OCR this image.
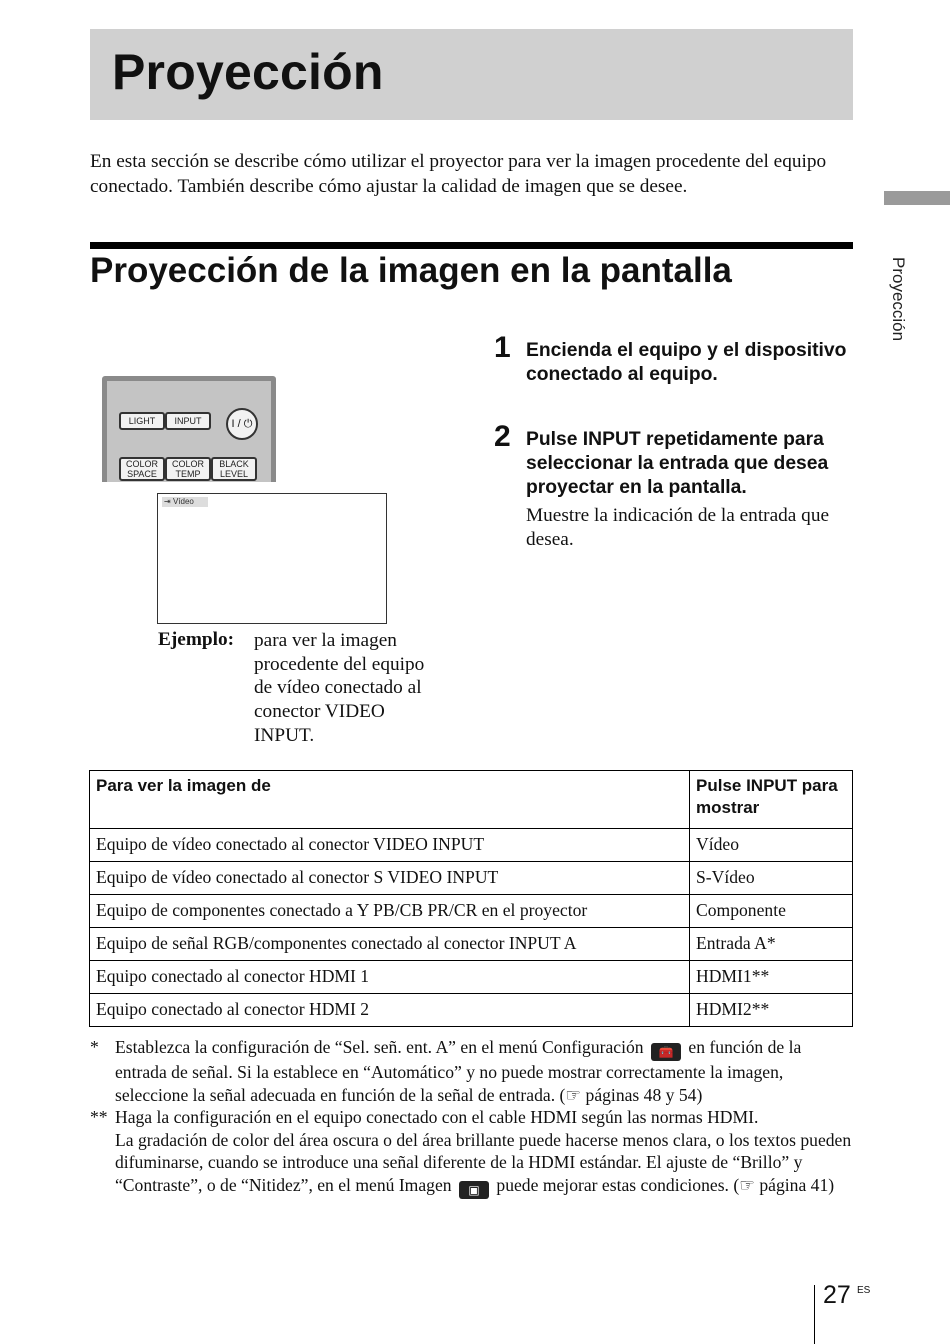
Proyección

En esta sección se describe cómo utilizar el proyector para ver la imagen procedente del equipo conectado. También describe cómo ajustar la calidad de imagen que se desee.

Proyección
Proyección de la imagen en la pantalla
LIGHT	INPUT	I / ⏻
COLOR SPACE
COLOR TEMP
BLACK LEVEL
⇥ Vídeo
Ejemplo: para ver la imagen procedente del equipo de vídeo conectado al conector VIDEO INPUT.
1 Encienda el equipo y el dispositivo conectado al equipo.
2 Pulse INPUT repetidamente para seleccionar la entrada que desea proyectar en la pantalla.
Muestre la indicación de la entrada que desea.
Para ver la imagen de	Pulse INPUT para mostrar
Equipo de vídeo conectado al conector VIDEO INPUT	Vídeo
Equipo de vídeo conectado al conector S VIDEO INPUT	S-Vídeo
Equipo de componentes conectado a Y PB/CB PR/CR en el proyector	Componente
Equipo de señal RGB/componentes conectado al conector INPUT A	Entrada A*
Equipo conectado al conector HDMI 1	HDMI1**
Equipo conectado al conector HDMI 2	HDMI2**
* Establezca la configuración de “Sel. señ. ent. A” en el menú Configuración 🧰 en función de la entrada de señal. Si la establece en “Automático” y no puede mostrar correctamente la imagen, seleccione la señal adecuada en función de la señal de entrada. (☞ páginas 48 y 54)
** Haga la configuración en el equipo conectado con el cable HDMI según las normas HDMI.
La gradación de color del área oscura o del área brillante puede hacerse menos clara, o los textos pueden difuminarse, cuando se introduce una señal diferente de la HDMI estándar. El ajuste de “Brillo” y “Contraste”, o de “Nitidez”, en el menú Imagen ▣ puede mejorar estas condiciones. (☞ página 41)
27 ES
